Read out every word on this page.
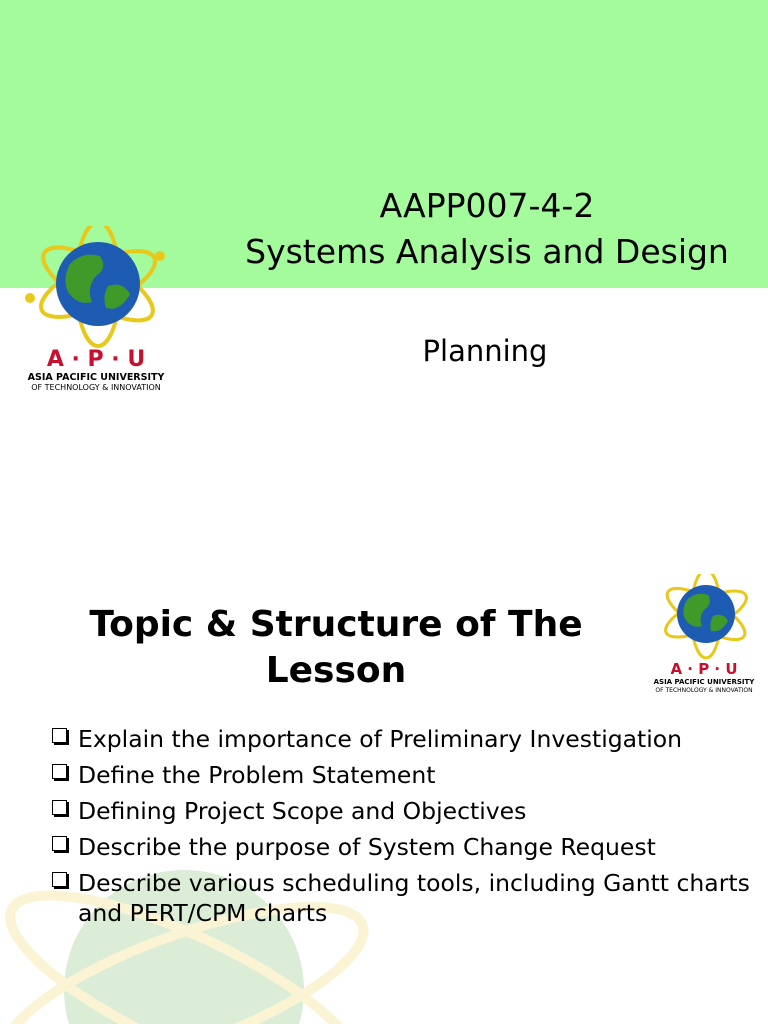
AAPP007-4-2
Systems Analysis and Design
Planning
A · P · U
ASIA PACIFIC UNIVERSITY
OF TECHNOLOGY & INNOVATION
Topic & Structure of The Lesson	A · P · U
ASIA PACIFIC UNIVERSITY
OF TECHNOLOGY & INNOVATION
Explain the importance of Preliminary Investigation
Define the Problem Statement
Defining Project Scope and Objectives
Describe the purpose of System Change Request
Describe various scheduling tools, including Gantt charts and PERT/CPM charts
